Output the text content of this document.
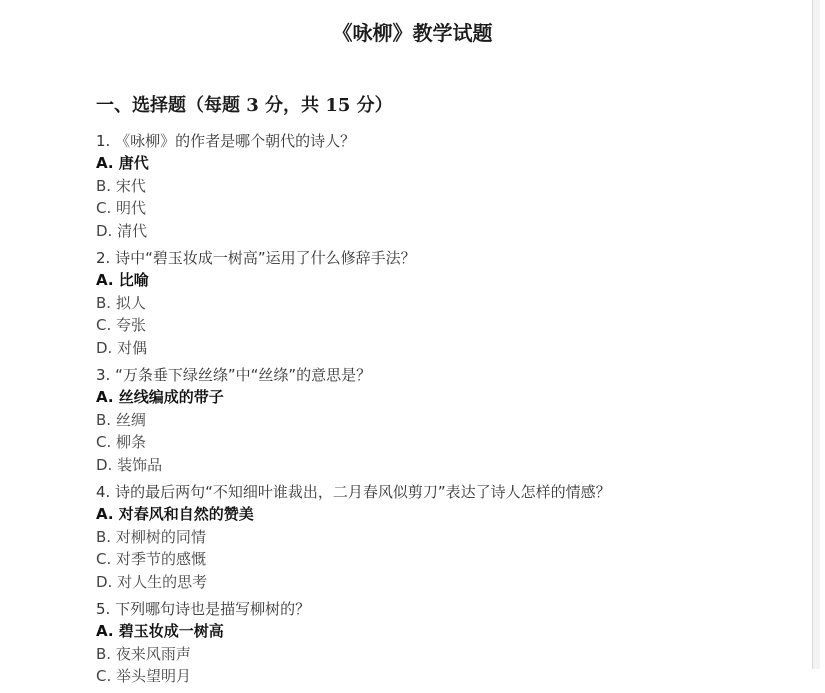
《咏柳》教学试题
一、选择题（每题 3 分，共 15 分）
1. 《咏柳》的作者是哪个朝代的诗人？
A. 唐代
B. 宋代
C. 明代
D. 清代
2. 诗中“碧玉妆成一树高”运用了什么修辞手法？
A. 比喻
B. 拟人
C. 夸张
D. 对偶
3. “万条垂下绿丝绦”中“丝绦”的意思是？
A. 丝线编成的带子
B. 丝绸
C. 柳条
D. 装饰品
4. 诗的最后两句“不知细叶谁裁出，二月春风似剪刀”表达了诗人怎样的情感？
A. 对春风和自然的赞美
B. 对柳树的同情
C. 对季节的感慨
D. 对人生的思考
5. 下列哪句诗也是描写柳树的？
A. 碧玉妆成一树高
B. 夜来风雨声
C. 举头望明月
